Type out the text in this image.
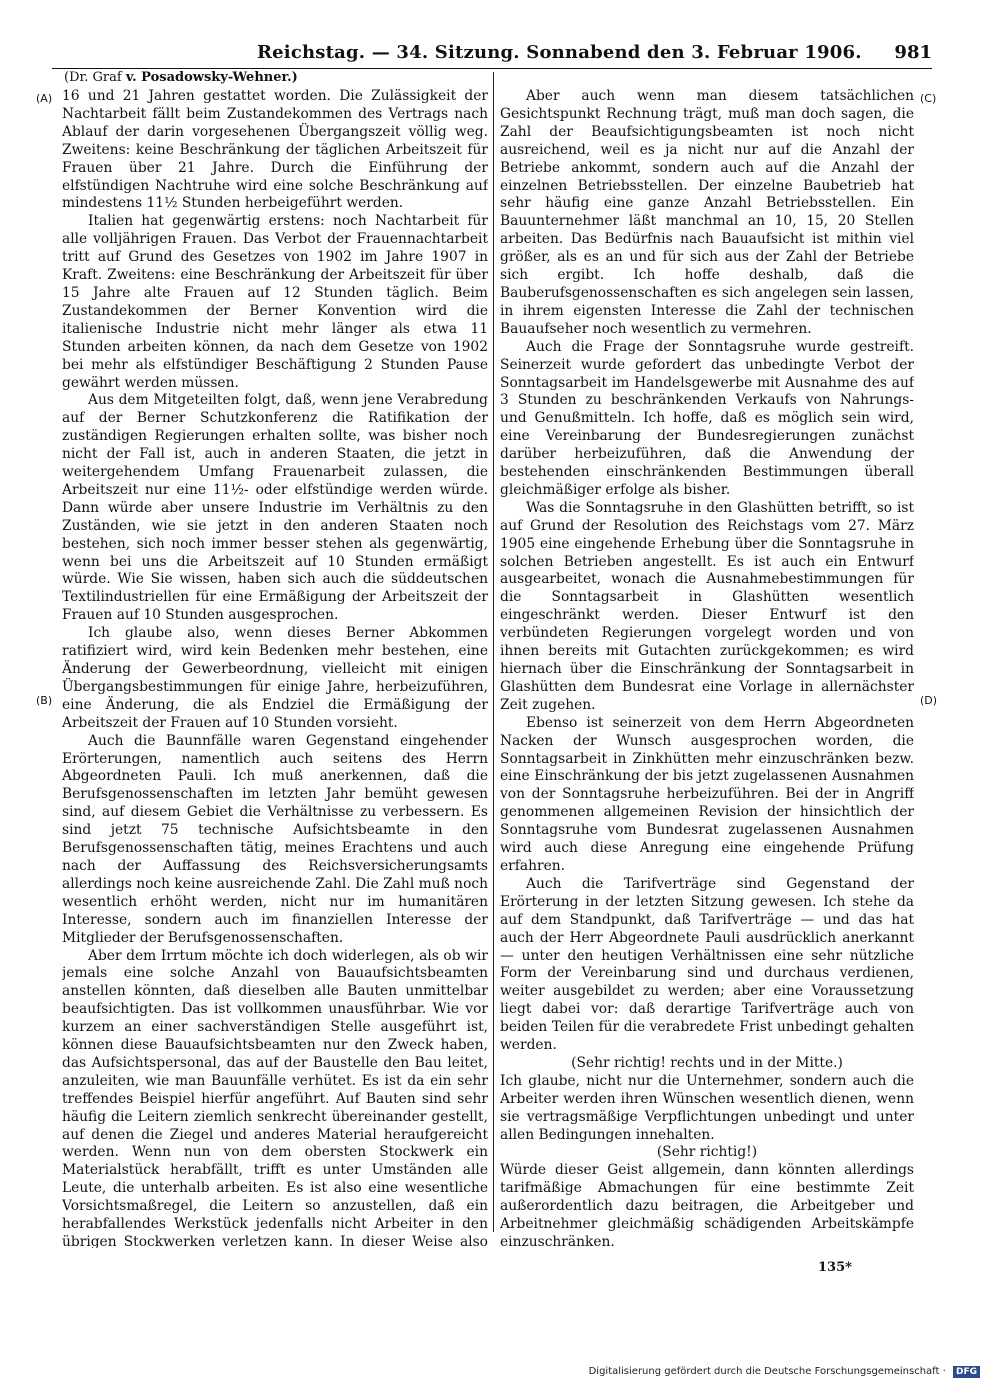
Reichstag. — 34. Sitzung. Sonnabend den 3. Februar 1906. 981
(Dr. Graf v. Posadowsky-Wehner.)
(A)
(B)
(C)
(D)

16 und 21 Jahren gestattet worden. Die Zulässigkeit der Nachtarbeit fällt beim Zustandekommen des Vertrags nach Ablauf der darin vorgesehenen Übergangszeit völlig weg. Zweitens: keine Beschränkung der täglichen Arbeitszeit für Frauen über 21 Jahre. Durch die Einführung der elfstündigen Nachtruhe wird eine solche Beschränkung auf mindestens 11½ Stunden herbeigeführt werden.

Italien hat gegenwärtig erstens: noch Nachtarbeit für alle volljährigen Frauen. Das Verbot der Frauennachtarbeit tritt auf Grund des Gesetzes von 1902 im Jahre 1907 in Kraft. Zweitens: eine Beschränkung der Arbeitszeit für über 15 Jahre alte Frauen auf 12 Stunden täglich. Beim Zustandekommen der Berner Konvention wird die italienische Industrie nicht mehr länger als etwa 11 Stunden arbeiten können, da nach dem Gesetze von 1902 bei mehr als elfstündiger Beschäftigung 2 Stunden Pause gewährt werden müssen.

Aus dem Mitgeteilten folgt, daß, wenn jene Verabredung auf der Berner Schutzkonferenz die Ratifikation der zuständigen Regierungen erhalten sollte, was bisher noch nicht der Fall ist, auch in anderen Staaten, die jetzt in weitergehendem Umfang Frauenarbeit zulassen, die Arbeitszeit nur eine 11½- oder elfstündige werden würde. Dann würde aber unsere Industrie im Verhältnis zu den Zuständen, wie sie jetzt in den anderen Staaten noch bestehen, sich noch immer besser stehen als gegenwärtig, wenn bei uns die Arbeitszeit auf 10 Stunden ermäßigt würde. Wie Sie wissen, haben sich auch die süddeutschen Textilindustriellen für eine Ermäßigung der Arbeitszeit der Frauen auf 10 Stunden ausgesprochen.

Ich glaube also, wenn dieses Berner Abkommen ratifiziert wird, wird kein Bedenken mehr bestehen, eine Änderung der Gewerbeordnung, vielleicht mit einigen Übergangsbestimmungen für einige Jahre, herbeizuführen, eine Änderung, die als Endziel die Ermäßigung der Arbeitszeit der Frauen auf 10 Stunden vorsieht.

Auch die Baunnfälle waren Gegenstand eingehender Erörterungen, namentlich auch seitens des Herrn Abgeordneten Pauli. Ich muß anerkennen, daß die Berufsgenossenschaften im letzten Jahr bemüht gewesen sind, auf diesem Gebiet die Verhältnisse zu verbessern. Es sind jetzt 75 technische Aufsichtsbeamte in den Berufsgenossenschaften tätig, meines Erachtens und auch nach der Auffassung des Reichsversicherungsamts allerdings noch keine ausreichende Zahl. Die Zahl muß noch wesentlich erhöht werden, nicht nur im humanitären Interesse, sondern auch im finanziellen Interesse der Mitglieder der Berufsgenossenschaften.

Aber dem Irrtum möchte ich doch widerlegen, als ob wir jemals eine solche Anzahl von Bauaufsichtsbeamten anstellen könnten, daß dieselben alle Bauten unmittelbar beaufsichtigten. Das ist vollkommen unausführbar. Wie vor kurzem an einer sachverständigen Stelle ausgeführt ist, können diese Bauaufsichtsbeamten nur den Zweck haben, das Aufsichtspersonal, das auf der Baustelle den Bau leitet, anzuleiten, wie man Bauunfälle verhütet. Es ist da ein sehr treffendes Beispiel hierfür angeführt. Auf Bauten sind sehr häufig die Leitern ziemlich senkrecht übereinander gestellt, auf denen die Ziegel und anderes Material heraufgereicht werden. Wenn nun von dem obersten Stockwerk ein Materialstück herabfällt, trifft es unter Umständen alle Leute, die unterhalb arbeiten. Es ist also eine wesentliche Vorsichtsmaßregel, die Leitern so anzustellen, daß ein herabfallendes Werkstück jedenfalls nicht Arbeiter in den übrigen Stockwerken verletzen kann. In dieser Weise also

Aber auch wenn man diesem tatsächlichen Gesichtspunkt Rechnung trägt, muß man doch sagen, die Zahl der Beaufsichtigungsbeamten ist noch nicht ausreichend, weil es ja nicht nur auf die Anzahl der Betriebe ankommt, sondern auch auf die Anzahl der einzelnen Betriebsstellen. Der einzelne Baubetrieb hat sehr häufig eine ganze Anzahl Betriebsstellen. Ein Bauunternehmer läßt manchmal an 10, 15, 20 Stellen arbeiten. Das Bedürfnis nach Bauaufsicht ist mithin viel größer, als es an und für sich aus der Zahl der Betriebe sich ergibt. Ich hoffe deshalb, daß die Bauberufsgenossenschaften es sich angelegen sein lassen, in ihrem eigensten Interesse die Zahl der technischen Bauaufseher noch wesentlich zu vermehren.

Auch die Frage der Sonntagsruhe wurde gestreift. Seinerzeit wurde gefordert das unbedingte Verbot der Sonntagsarbeit im Handelsgewerbe mit Ausnahme des auf 3 Stunden zu beschränkenden Verkaufs von Nahrungs- und Genußmitteln. Ich hoffe, daß es möglich sein wird, eine Vereinbarung der Bundesregierungen zunächst darüber herbeizuführen, daß die Anwendung der bestehenden einschränkenden Bestimmungen überall gleichmäßiger erfolge als bisher.

Was die Sonntagsruhe in den Glashütten betrifft, so ist auf Grund der Resolution des Reichstags vom 27. März 1905 eine eingehende Erhebung über die Sonntagsruhe in solchen Betrieben angestellt. Es ist auch ein Entwurf ausgearbeitet, wonach die Ausnahmebestimmungen für die Sonntagsarbeit in Glashütten wesentlich eingeschränkt werden. Dieser Entwurf ist den verbündeten Regierungen vorgelegt worden und von ihnen bereits mit Gutachten zurückgekommen; es wird hiernach über die Einschränkung der Sonntagsarbeit in Glashütten dem Bundesrat eine Vorlage in allernächster Zeit zugehen.

Ebenso ist seinerzeit von dem Herrn Abgeordneten Nacken der Wunsch ausgesprochen worden, die Sonntagsarbeit in Zinkhütten mehr einzuschränken bezw. eine Einschränkung der bis jetzt zugelassenen Ausnahmen von der Sonntagsruhe herbeizuführen. Bei der in Angriff genommenen allgemeinen Revision der hinsichtlich der Sonntagsruhe vom Bundesrat zugelassenen Ausnahmen wird auch diese Anregung eine eingehende Prüfung erfahren.

Auch die Tarifverträge sind Gegenstand der Erörterung in der letzten Sitzung gewesen. Ich stehe da auf dem Standpunkt, daß Tarifverträge — und das hat auch der Herr Abgeordnete Pauli ausdrücklich anerkannt — unter den heutigen Verhältnissen eine sehr nützliche Form der Vereinbarung sind und durchaus verdienen, weiter ausgebildet zu werden; aber eine Voraussetzung liegt dabei vor: daß derartige Tarifverträge auch von beiden Teilen für die verabredete Frist unbedingt gehalten werden.

(Sehr richtig! rechts und in der Mitte.)

Ich glaube, nicht nur die Unternehmer, sondern auch die Arbeiter werden ihren Wünschen wesentlich dienen, wenn sie vertragsmäßige Verpflichtungen unbedingt und unter allen Bedingungen innehalten.

(Sehr richtig!)

Würde dieser Geist allgemein, dann könnten allerdings tarifmäßige Abmachungen für eine bestimmte Zeit außerordentlich dazu beitragen, die Arbeitgeber und Arbeitnehmer gleichmäßig schädigenden Arbeitskämpfe einzuschränken.

135*
Digitalisierung gefördert durch die Deutsche Forschungsgemeinschaft · DFG
